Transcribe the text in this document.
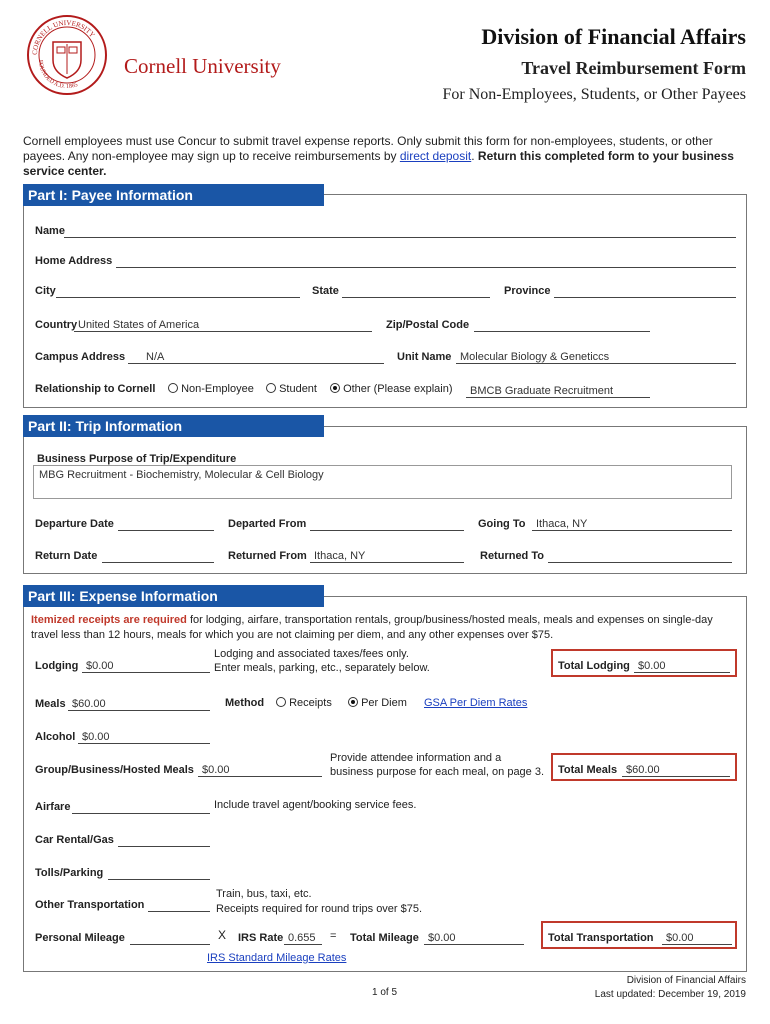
CORNELL UNIVERSITY
FOUNDED A.D. 1865
Cornell University
Division of Financial Affairs
Travel Reimbursement Form
For Non-Employees, Students, or Other Payees
Cornell employees must use Concur to submit travel expense reports. Only submit this form for non-employees, students, or other payees. Any non-employee may sign up to receive reimbursements by direct deposit. Return this completed form to your business service center.
Part I: Payee Information
Name
Home Address
City	State	Province
Country United States of America	Zip/Postal Code
Campus Address	N/A	Unit Name Molecular Biology & Geneticcs
Relationship to Cornell	Non-Employee	Student	Other (Please explain)	BMCB Graduate Recruitment
Part II: Trip Information
Business Purpose of Trip/Expenditure
MBG Recruitment - Biochemistry, Molecular & Cell Biology
Departure Date	Departed From	Going To Ithaca, NY
Return Date	Returned From Ithaca, NY	Returned To
Part III: Expense Information
Itemized receipts are required for lodging, airfare, transportation rentals, group/business/hosted meals, meals and expenses on single-day travel less than 12 hours, meals for which you are not claiming per diem, and any other expenses over $75.
Lodging $0.00
Lodging and associated taxes/fees only.
Enter meals, parking, etc., separately below.	Total Lodging $0.00
Meals $60.00	Method	Receipts	Per Diem GSA Per Diem Rates
Alcohol $0.00
Group/Business/Hosted Meals $0.00
Provide attendee information and a
business purpose for each meal, on page 3. Total Meals $60.00
Airfare	Include travel agent/booking service fees.
Car Rental/Gas
Tolls/Parking
Other Transportation
Train, bus, taxi, etc.
Receipts required for round trips over $75.
Personal Mileage	X IRS Rate 0.655	= Total Mileage $0.00	Total Transportation	$0.00
IRS Standard Mileage Rates
1 of 5
Division of Financial Affairs
Last updated: December 19, 2019
